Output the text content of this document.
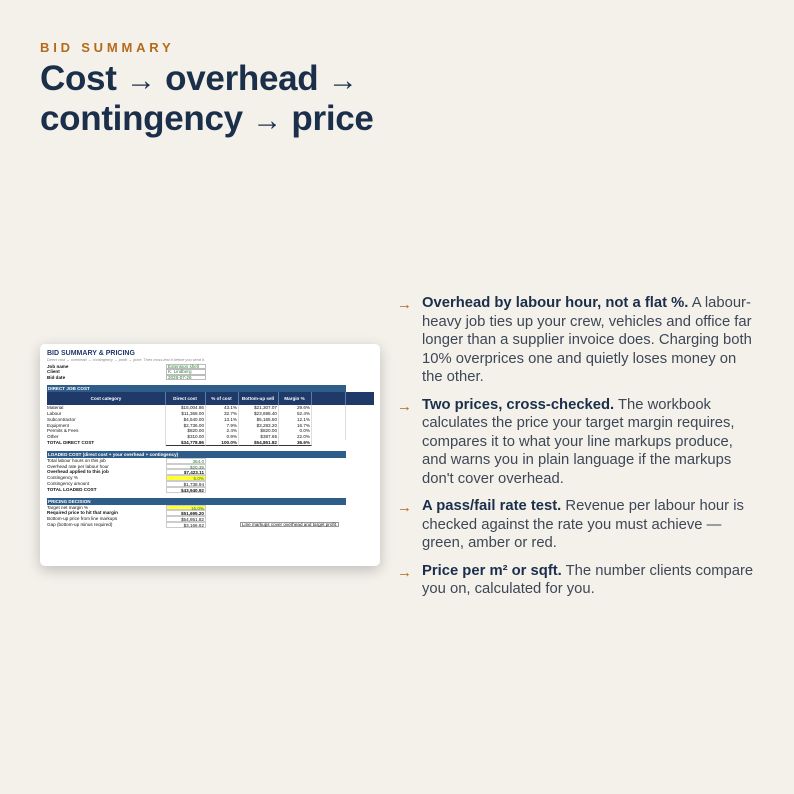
BID SUMMARY
Cost → overhead →
contingency → price
BID SUMMARY & PRICING
Direct cost → overhead → contingency → profit → price. Then cross-test it before you send it.
Job name	Extension shell
Client	K. Lindberg
Bid date	2026-07-26
DIRECT JOB COST
Cost category	Direct cost	% of cost	Bottom-up sell	Margin %
Material	$15,004.86	43.1%	$21,307.07	29.6%
Labour	$11,368.00	32.7%	$23,698.40	52.4%
Subcontractor	$4,540.00	13.1%	$5,165.50	12.1%
Equipment	$2,736.00	7.9%	$3,283.20	16.7%
Permits & Fees	$820.00	2.4%	$820.00	0.0%
Other	$310.00	0.9%	$387.65	22.0%
TOTAL DIRECT COST	$34,778.86	100.0%	$54,861.82	36.6%
LOADED COST (direct cost + your overhead + contingency)
Total labour hours on this job	364.0
Overhead rate per labour hour	$20.39
Overhead applied to this job	$7,423.11
Contingency %	5.0%
Contingency amount	$1,738.94
TOTAL LOADED COST	$43,940.92
PRICING DECISION
Target net margin %	15.0%
Required price to hit that margin	$51,695.20
Bottom-up price from line markups	$54,861.82
Gap (bottom-up minus required)	$3,166.62	Line markups cover overhead and target profit.
→ Overhead by labour hour, not a flat %. A labour-heavy job ties up your crew, vehicles and office far longer than a supplier invoice does. Charging both 10% overprices one and quietly loses money on the other.

→ Two prices, cross-checked. The workbook calculates the price your target margin requires, compares it to what your line markups produce, and warns you in plain language if the markups don't cover overhead.

→ A pass/fail rate test. Revenue per labour hour is checked against the rate you must achieve — green, amber or red.

→ Price per m² or sqft. The number clients compare you on, calculated for you.
